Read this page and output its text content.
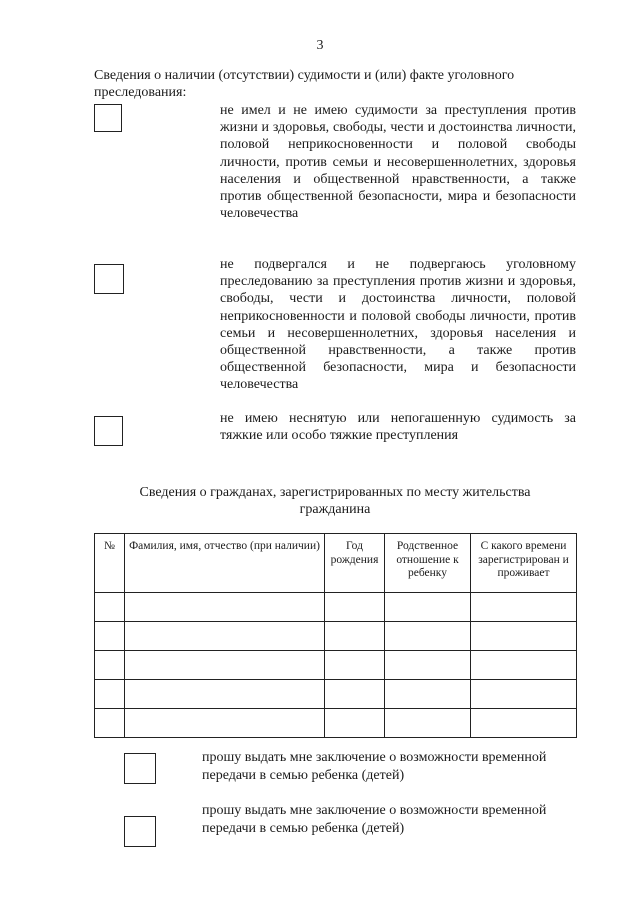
3
Сведения о наличии (отсутствии) судимости и (или) факте уголовного преследования:
не имел и не имею судимости за преступления против жизни и здоровья, свободы, чести и достоинства личности, половой неприкосновенности и половой свободы личности, против семьи и несовершеннолетних, здоровья населения и общественной нравственности, а также против общественной безопасности, мира и безопасности человечества
не подвергался и не подвергаюсь уголовному преследованию за преступления против жизни и здоровья, свободы, чести и достоинства личности, половой неприкосновенности и половой свободы личности, против семьи и несовершеннолетних, здоровья населения и общественной нравственности, а также против общественной безопасности, мира и безопасности человечества
не имею неснятую или непогашенную судимость за тяжкие или особо тяжкие преступления
Сведения о гражданах, зарегистрированных по месту жительства гражданина
№	Фамилия, имя, отчество (при наличии)	Год рождения	Родственное отношение к ребенку	С какого времени зарегистрирован и проживает

прошу выдать мне заключение о возможности временной передачи в семью ребенка (детей)
прошу выдать мне заключение о возможности временной передачи в семью ребенка (детей)
